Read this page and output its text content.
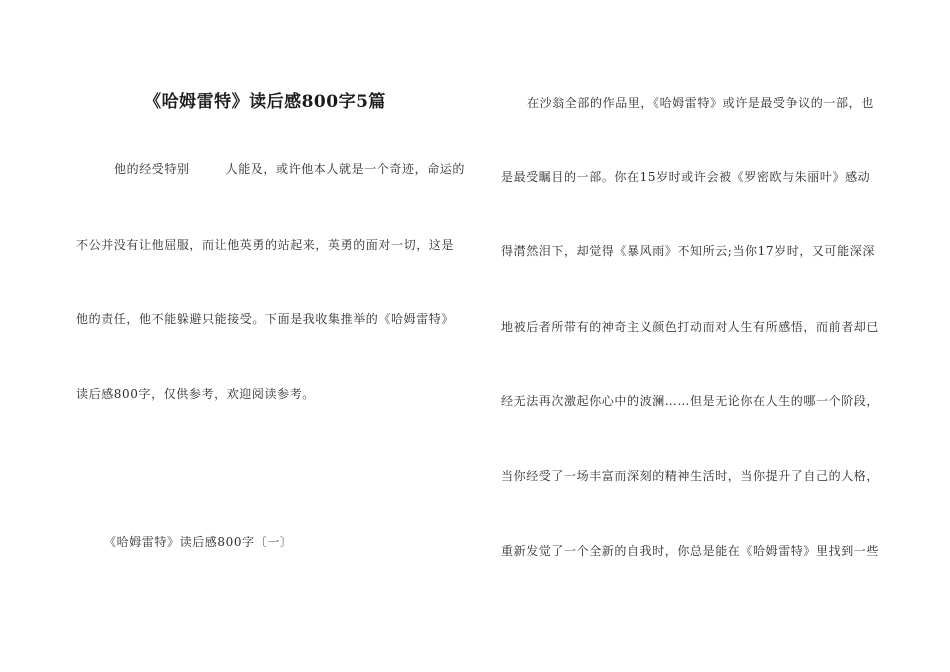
《哈姆雷特》读后感800字5篇
他的经受特别	人能及，或许他本人就是一个奇迹，命运的
不公并没有让他屈服，而让他英勇的站起来，英勇的面对一切，这是
他的责任，他不能躲避只能接受。下面是我收集推举的《哈姆雷特》
读后感800字，仅供参考，欢迎阅读参考。
《哈姆雷特》读后感800字〔一〕
在沙翁全部的作品里，《哈姆雷特》或许是最受争议的一部，也
是最受瞩目的一部。你在15岁时或许会被《罗密欧与朱丽叶》感动
得潸然泪下，却觉得《暴风雨》不知所云;当你17岁时，又可能深深
地被后者所带有的神奇主义颜色打动而对人生有所感悟，而前者却已
经无法再次激起你心中的波澜……但是无论你在人生的哪一个阶段，
当你经受了一场丰富而深刻的精神生活时，当你提升了自己的人格，
重新发觉了一个全新的自我时，你总是能在《哈姆雷特》里找到一些
